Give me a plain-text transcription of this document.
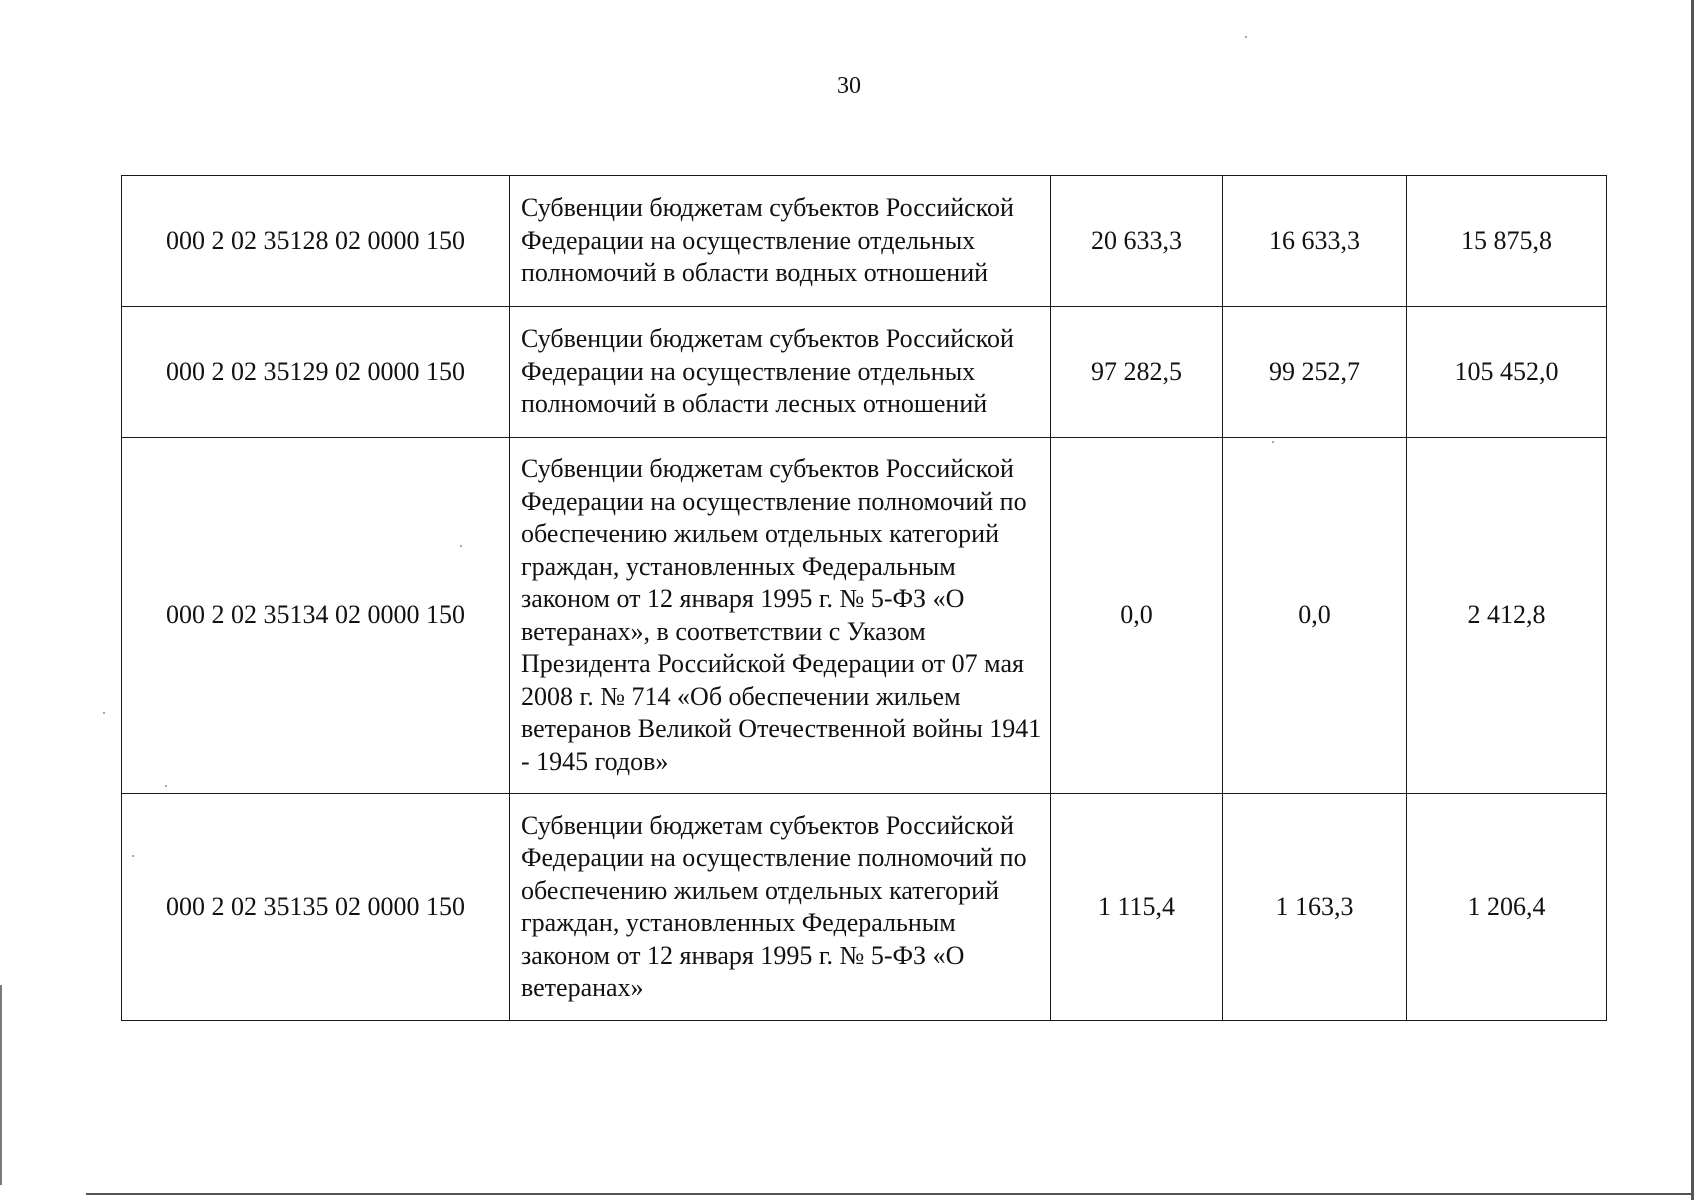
30
000 2 02 35128 02 0000 150	Субвенции бюджетам субъектов Российской Федерации на осуществление отдельных полномочий в области водных отношений	20 633,3	16 633,3	15 875,8
000 2 02 35129 02 0000 150	Субвенции бюджетам субъектов Российской Федерации на осуществление отдельных полномочий в области лесных отношений	97 282,5	99 252,7	105 452,0
000 2 02 35134 02 0000 150	Субвенции бюджетам субъектов Российской Федерации на осуществление полномочий по обеспечению жильем отдельных категорий граждан, установленных Федеральным законом от 12 января 1995 г. № 5-ФЗ «О ветеранах», в соответствии с Указом Президента Российской Федерации от 07 мая 2008 г. № 714 «Об обеспечении жильем ветеранов Великой Отечественной войны 1941 - 1945 годов»	0,0	0,0	2 412,8
000 2 02 35135 02 0000 150	Субвенции бюджетам субъектов Российской Федерации на осуществление полномочий по обеспечению жильем отдельных категорий граждан, установленных Федеральным законом от 12 января 1995 г. № 5-ФЗ «О ветеранах»	1 115,4	1 163,3	1 206,4
